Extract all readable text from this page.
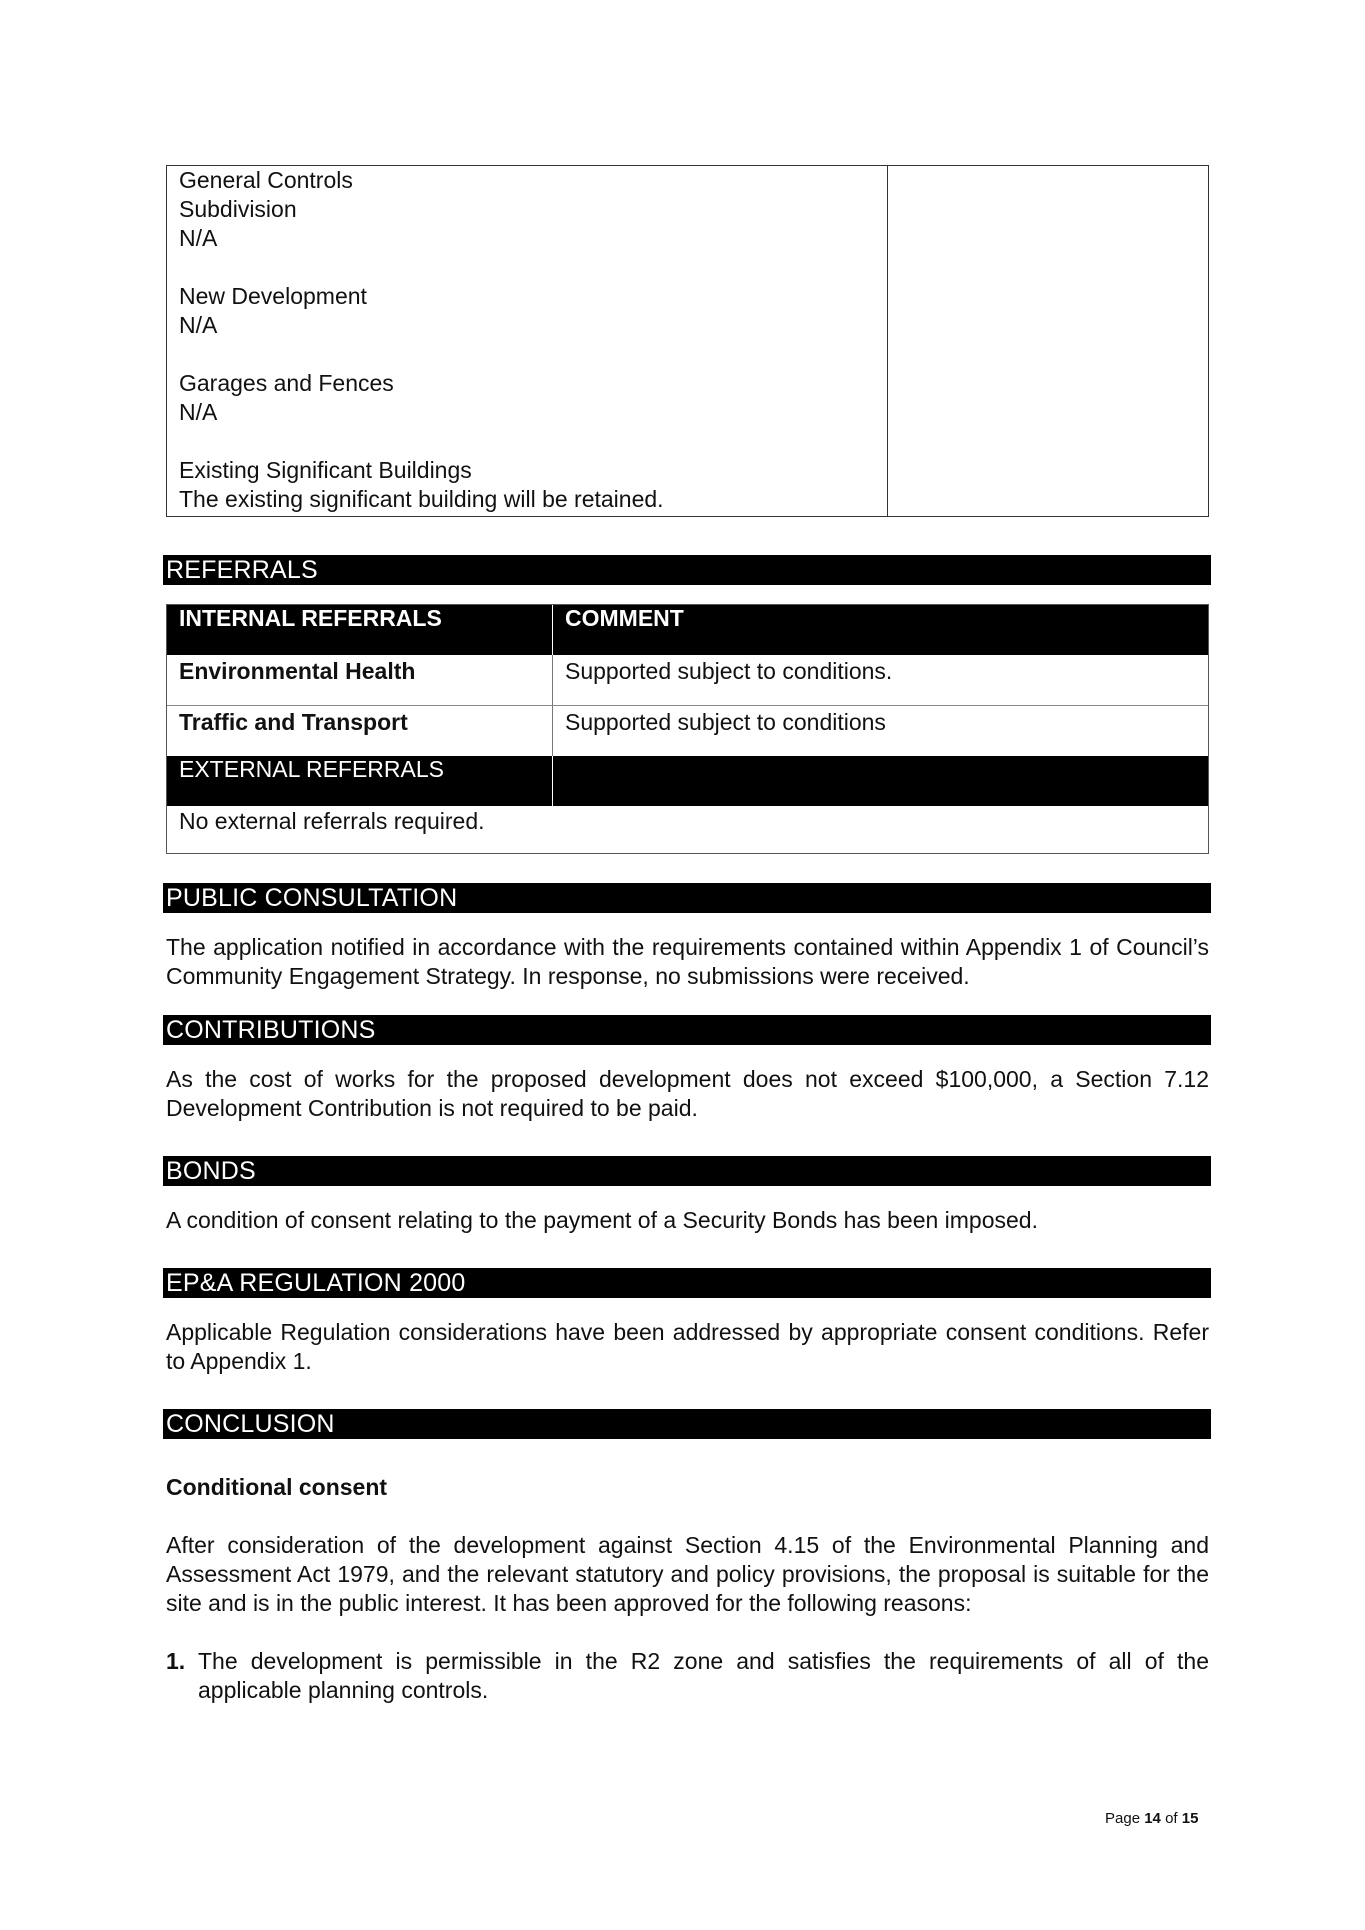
General Controls
Subdivision
N/A
New Development
N/A
Garages and Fences
N/A
Existing Significant Buildings
The existing significant building will be retained.
REFERRALS
INTERNAL REFERRALS	COMMENT
Environmental Health	Supported subject to conditions.
Traffic and Transport	Supported subject to conditions
EXTERNAL REFERRALS
No external referrals required.
PUBLIC CONSULTATION
The application notified in accordance with the requirements contained within Appendix 1 of Council’s Community Engagement Strategy. In response, no submissions were received.
CONTRIBUTIONS
As the cost of works for the proposed development does not exceed $100,000, a Section 7.12 Development Contribution is not required to be paid.
BONDS
A condition of consent relating to the payment of a Security Bonds has been imposed.
EP&A REGULATION 2000
Applicable Regulation considerations have been addressed by appropriate consent conditions. Refer to Appendix 1.
CONCLUSION
Conditional consent
After consideration of the development against Section 4.15 of the Environmental Planning and Assessment Act 1979, and the relevant statutory and policy provisions, the proposal is suitable for the site and is in the public interest. It has been approved for the following reasons:
1. The development is permissible in the R2 zone and satisfies the requirements of all of the applicable planning controls.
Page 14 of 15
